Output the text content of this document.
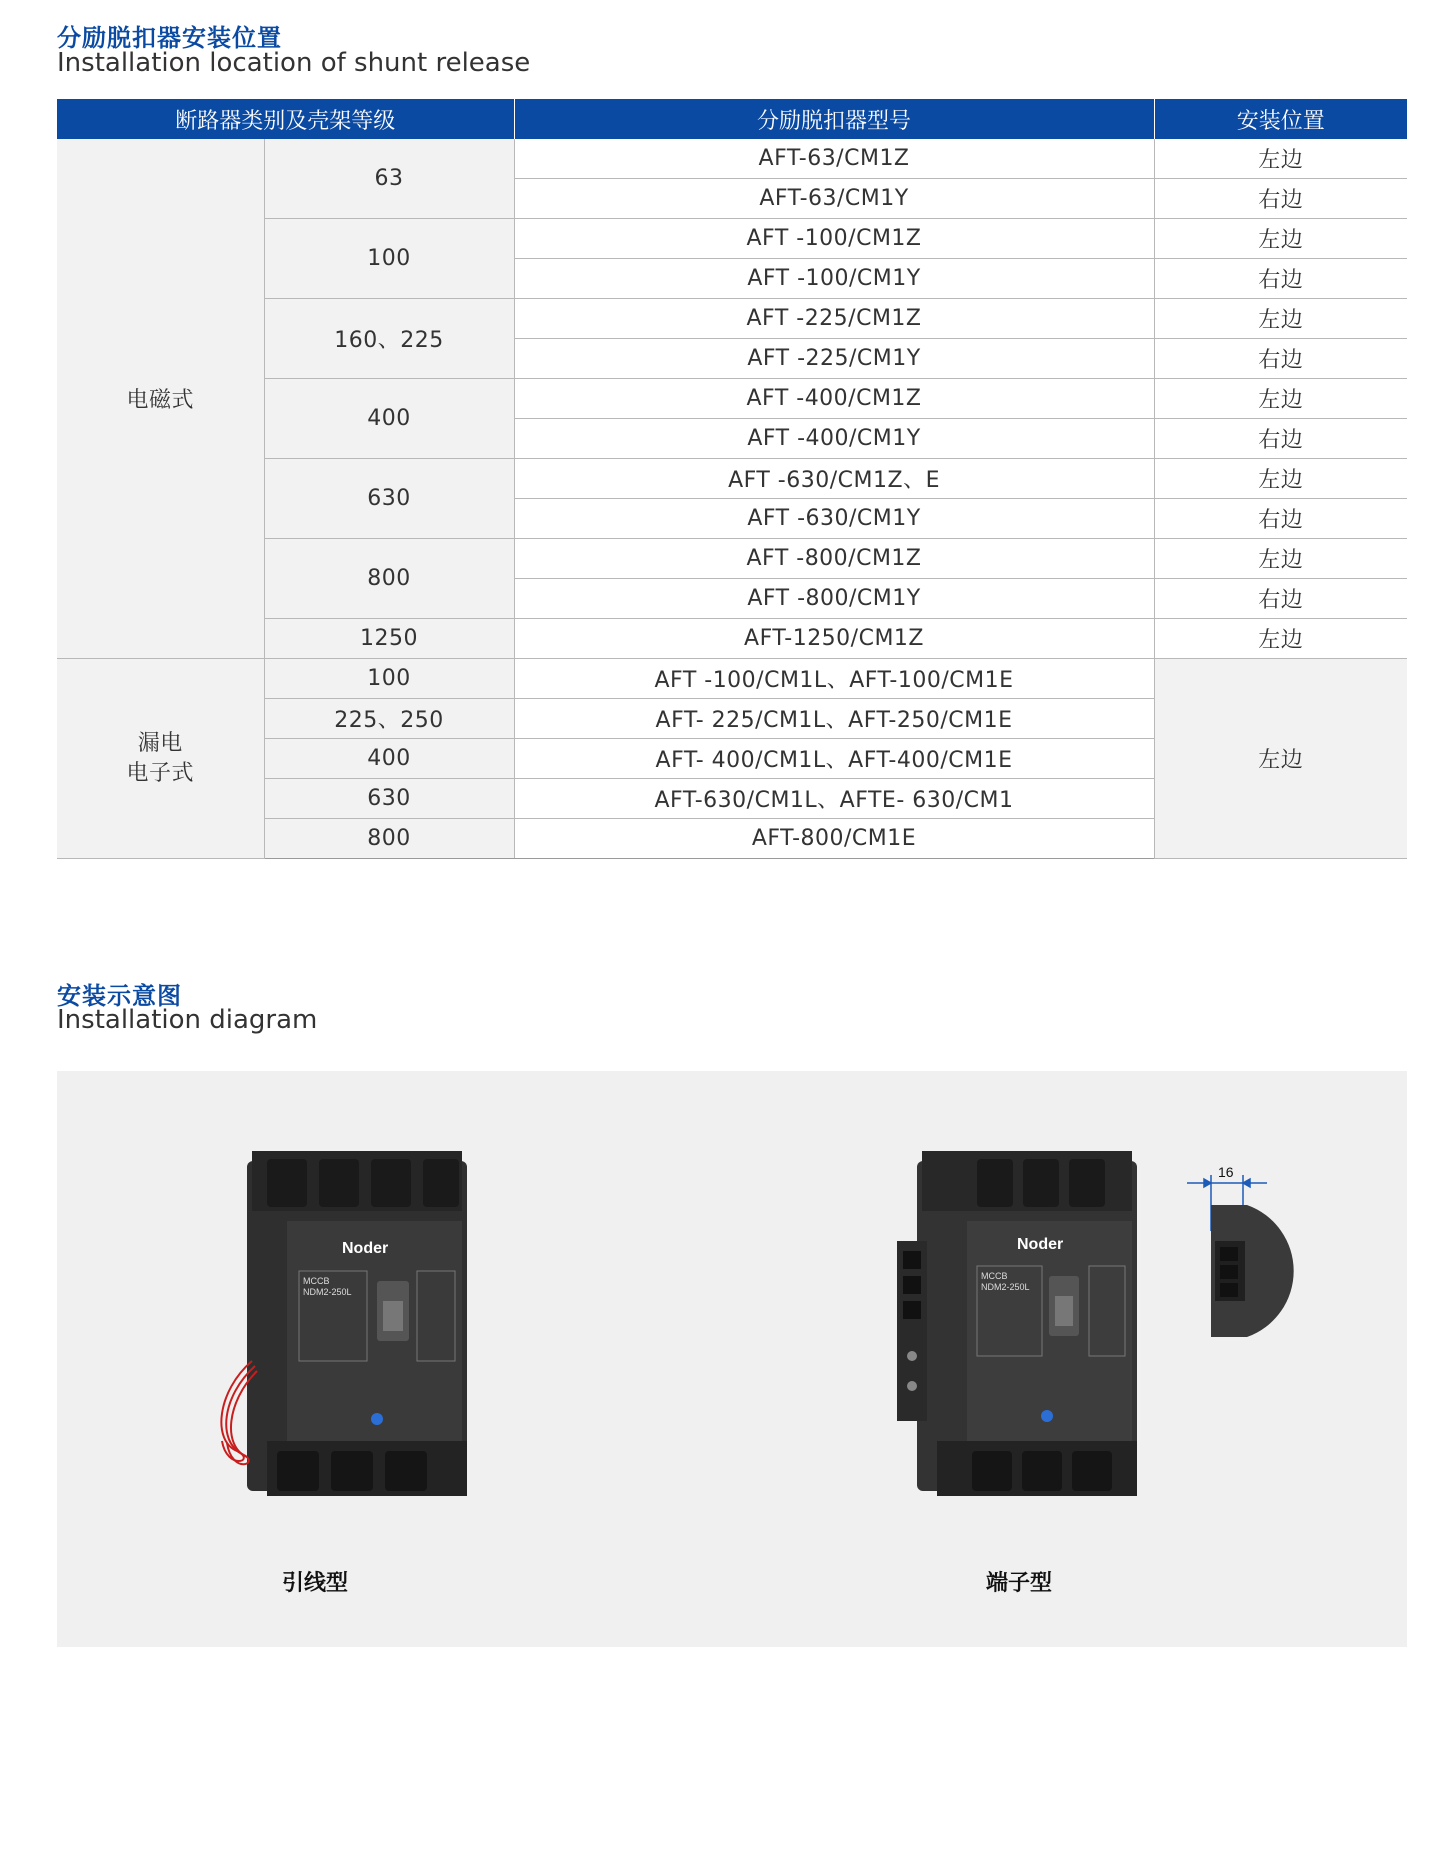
分励脱扣器安装位置
Installation location of shunt release
断路器类别及壳架等级		分励脱扣器型号	安装位置
电磁式	63	AFT-63/CM1Z	左边
		AFT-63/CM1Y	右边
	100	AFT -100/CM1Z	左边
		AFT -100/CM1Y	右边
	160、225	AFT -225/CM1Z	左边
		AFT -225/CM1Y	右边
	400	AFT -400/CM1Z	左边
		AFT -400/CM1Y	右边
	630	AFT -630/CM1Z、E	左边
		AFT -630/CM1Y	右边
	800	AFT -800/CM1Z	左边
		AFT -800/CM1Y	右边
	1250	AFT-1250/CM1Z	左边

漏电
电子式	100	AFT -100/CM1L、AFT-100/CM1E	左边
	225、250	AFT- 225/CM1L、AFT-250/CM1E	
	400	AFT- 400/CM1L、AFT-400/CM1E	
	630	AFT-630/CM1L、AFTE- 630/CM1	
	800	AFT-800/CM1E	
安装示意图
Installation diagram
Noder
MCCB
NDM2-250L
引线型
Noder
MCCB
NDM2-250L
16
端子型
